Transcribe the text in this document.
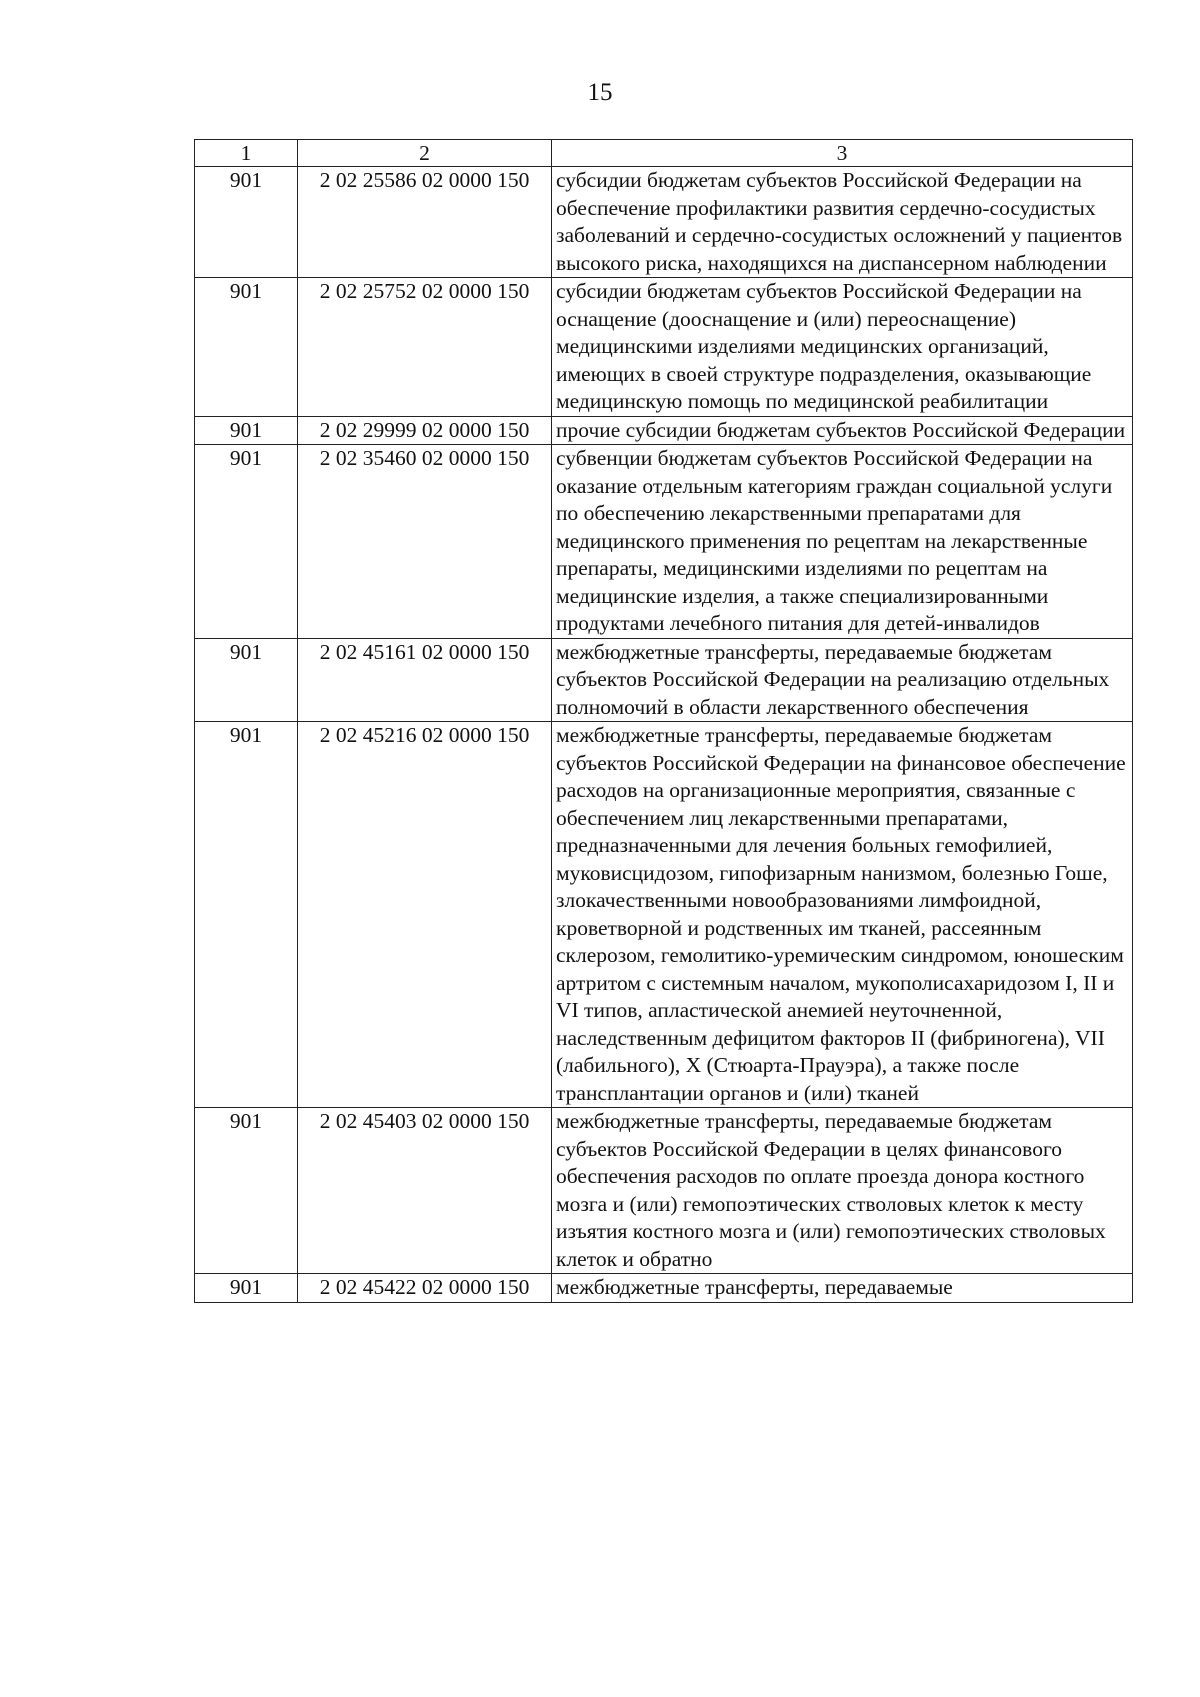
15
1	2	3
901	2 02 25586 02 0000 150	субсидии бюджетам субъектов Российской Федерации на обеспечение профилактики развития сердечно-сосудистых заболеваний и сердечно-сосудистых осложнений у пациентов высокого риска, находящихся на диспансерном наблюдении
901	2 02 25752 02 0000 150	субсидии бюджетам субъектов Российской Федерации на оснащение (дооснащение и (или) переоснащение) медицинскими изделиями медицинских организаций, имеющих в своей структуре подразделения, оказывающие медицинскую помощь по медицинской реабилитации
901	2 02 29999 02 0000 150	прочие субсидии бюджетам субъектов Российской Федерации
901	2 02 35460 02 0000 150	субвенции бюджетам субъектов Российской Федерации на оказание отдельным категориям граждан социальной услуги по обеспечению лекарственными препаратами для медицинского применения по рецептам на лекарственные препараты, медицинскими изделиями по рецептам на медицинские изделия, а также специализированными продуктами лечебного питания для детей-инвалидов
901	2 02 45161 02 0000 150	межбюджетные трансферты, передаваемые бюджетам субъектов Российской Федерации на реализацию отдельных полномочий в области лекарственного обеспечения
901	2 02 45216 02 0000 150	межбюджетные трансферты, передаваемые бюджетам субъектов Российской Федерации на финансовое обеспечение расходов на организационные мероприятия, связанные с обеспечением лиц лекарственными препаратами, предназначенными для лечения больных гемофилией, муковисцидозом, гипофизарным нанизмом, болезнью Гоше, злокачественными новообразованиями лимфоидной, кроветворной и родственных им тканей, рассеянным склерозом, гемолитико-уремическим синдромом, юношеским артритом с системным началом, мукополисахаридозом I, II и VI типов, апластической анемией неуточненной, наследственным дефицитом факторов II (фибриногена), VII (лабильного), X (Стюарта-Прауэра), а также после трансплантации органов и (или) тканей
901	2 02 45403 02 0000 150	межбюджетные трансферты, передаваемые бюджетам субъектов Российской Федерации в целях финансового обеспечения расходов по оплате проезда донора костного мозга и (или) гемопоэтических стволовых клеток к месту изъятия костного мозга и (или) гемопоэтических стволовых клеток и обратно
901	2 02 45422 02 0000 150	межбюджетные трансферты, передаваемые
